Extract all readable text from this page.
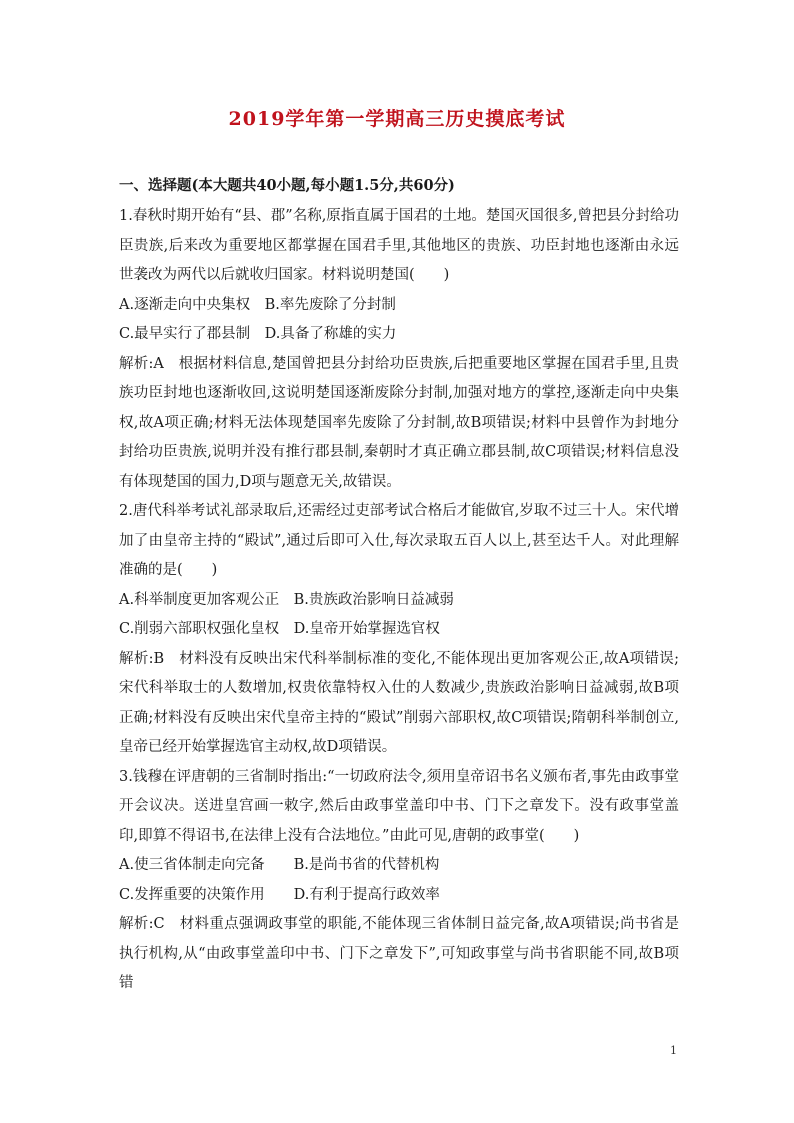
2019学年第一学期高三历史摸底考试
一、选择题(本大题共40小题,每小题1.5分,共60分)
1.春秋时期开始有“县、郡”名称,原指直属于国君的土地。楚国灭国很多,曾把县分封给功臣贵族,后来改为重要地区都掌握在国君手里,其他地区的贵族、功臣封地也逐渐由永远世袭改为两代以后就收归国家。材料说明楚国(　　)
A.逐渐走向中央集权　B.率先废除了分封制
C.最早实行了郡县制　D.具备了称雄的实力
解析:A　根据材料信息,楚国曾把县分封给功臣贵族,后把重要地区掌握在国君手里,且贵族功臣封地也逐渐收回,这说明楚国逐渐废除分封制,加强对地方的掌控,逐渐走向中央集权,故A项正确;材料无法体现楚国率先废除了分封制,故B项错误;材料中县曾作为封地分封给功臣贵族,说明并没有推行郡县制,秦朝时才真正确立郡县制,故C项错误;材料信息没有体现楚国的国力,D项与题意无关,故错误。
2.唐代科举考试礼部录取后,还需经过吏部考试合格后才能做官,岁取不过三十人。宋代增加了由皇帝主持的“殿试”,通过后即可入仕,每次录取五百人以上,甚至达千人。对此理解准确的是(　　)
A.科举制度更加客观公正　B.贵族政治影响日益减弱
C.削弱六部职权强化皇权　D.皇帝开始掌握选官权
解析:B　材料没有反映出宋代科举制标准的变化,不能体现出更加客观公正,故A项错误;宋代科举取士的人数增加,权贵依靠特权入仕的人数减少,贵族政治影响日益减弱,故B项正确;材料没有反映出宋代皇帝主持的“殿试”削弱六部职权,故C项错误;隋朝科举制创立,皇帝已经开始掌握选官主动权,故D项错误。
3.钱穆在评唐朝的三省制时指出:“一切政府法令,须用皇帝诏书名义颁布者,事先由政事堂开会议决。送进皇宫画一敕字,然后由政事堂盖印中书、门下之章发下。没有政事堂盖印,即算不得诏书,在法律上没有合法地位。”由此可见,唐朝的政事堂(　　)
A.使三省体制走向完备　　B.是尚书省的代替机构
C.发挥重要的决策作用　　D.有利于提高行政效率
解析:C　材料重点强调政事堂的职能,不能体现三省体制日益完备,故A项错误;尚书省是执行机构,从“由政事堂盖印中书、门下之章发下”,可知政事堂与尚书省职能不同,故B项错
1
